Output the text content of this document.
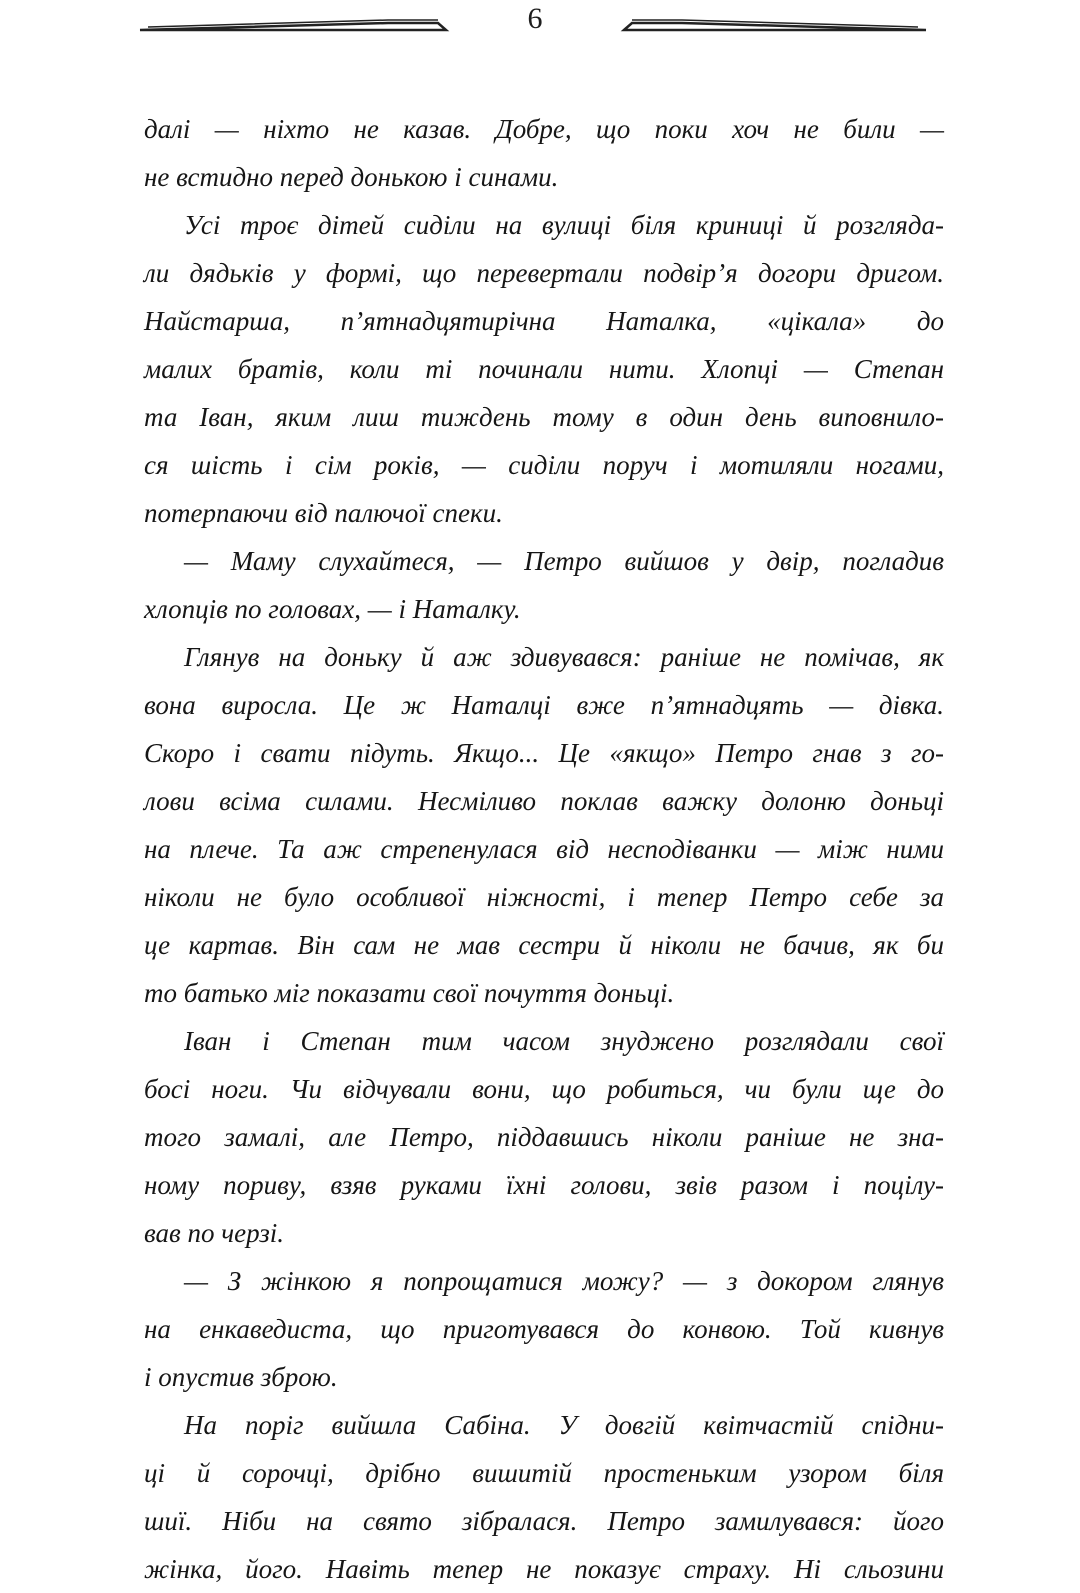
6
далі — ніхто не казав. Добре, що поки хоч не били —
не встидно перед донькою і синами.
Усі троє дітей сиділи на вулиці біля криниці й розгляда-
ли дядьків у формі, що перевертали подвір’я догори дригом.
Найстарша, п’ятнадцятирічна Наталка, «цікала» до
малих братів, коли ті починали нити. Хлопці — Степан
та Іван, яким лиш тиждень тому в один день виповнило-
ся шість і сім років, — сиділи поруч і мотиляли ногами,
потерпаючи від палючої спеки.
— Маму слухайтеся, — Петро вийшов у двір, погладив
хлопців по головах, — і Наталку.
Глянув на доньку й аж здивувався: раніше не помічав, як
вона виросла. Це ж Наталці вже п’ятнадцять — дівка.
Скоро і свати підуть. Якщо... Це «якщо» Петро гнав з го-
лови всіма силами. Несміливо поклав важку долоню доньці
на плече. Та аж стрепенулася від несподіванки — між ними
ніколи не було особливої ніжності, і тепер Петро себе за
це картав. Він сам не мав сестри й ніколи не бачив, як би
то батько міг показати свої почуття доньці.
Іван і Степан тим часом знуджено розглядали свої
босі ноги. Чи відчували вони, що робиться, чи були ще до
того замалі, але Петро, піддавшись ніколи раніше не зна-
ному пориву, взяв руками їхні голови, звів разом і поцілу-
вав по черзі.
— З жінкою я попрощатися можу? — з докором глянув
на енкаведиста, що приготувався до конвою. Той кивнув
і опустив зброю.
На поріг вийшла Сабіна. У довгій квітчастій спідни-
ці й сорочці, дрібно вишитій простеньким узором біля
шиї. Ніби на свято зібралася. Петро замилувався: його
жінка, його. Навіть тепер не показує страху. Ні сльозини
